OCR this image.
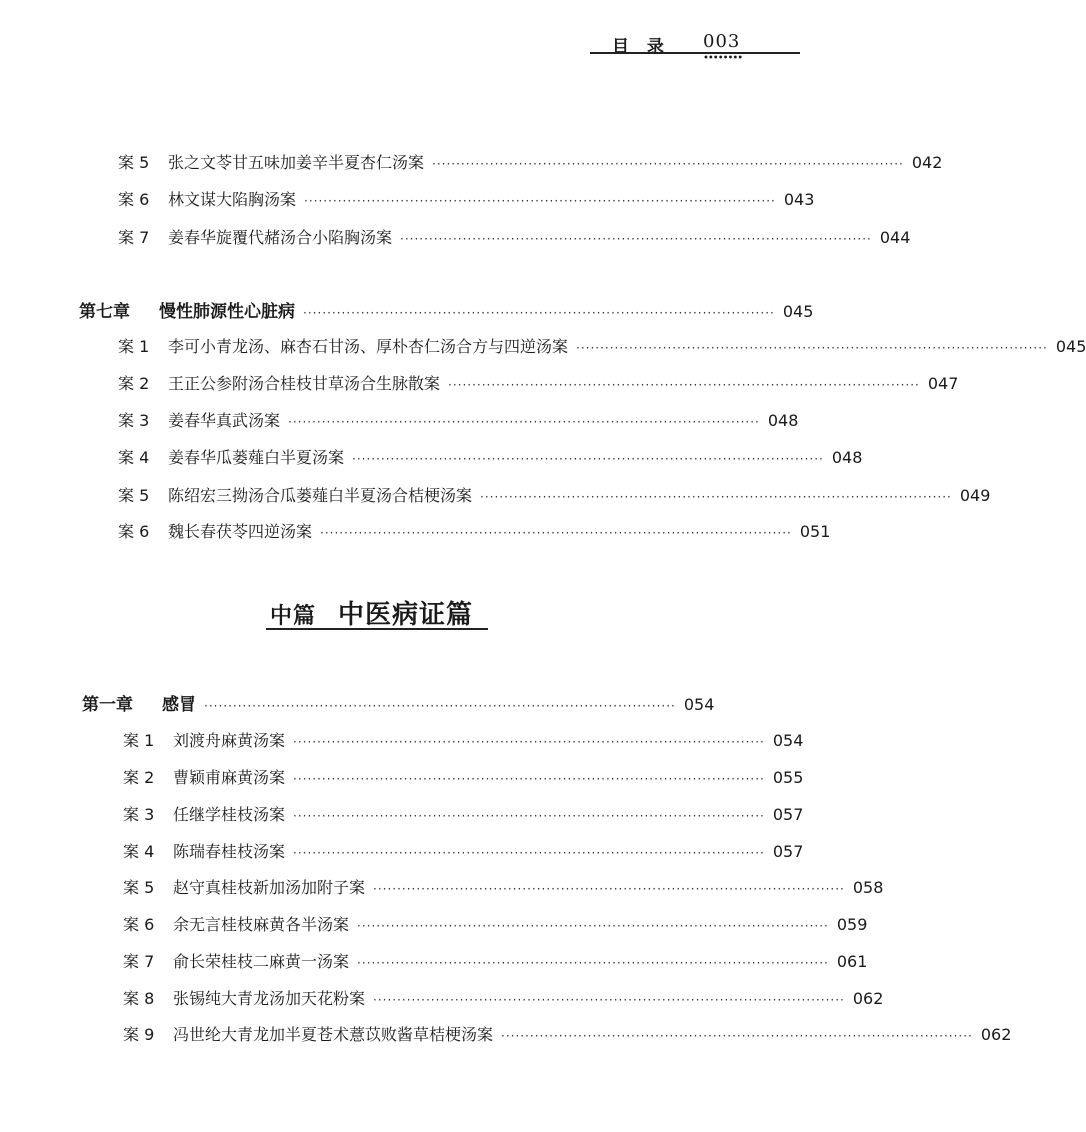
目 录 003
••••••••
案 5	张之文苓甘五味加姜辛半夏杏仁汤案 ·································································································· 042
案 6	林文谋大陷胸汤案 ·································································································· 043
案 7	姜春华旋覆代赭汤合小陷胸汤案 ·································································································· 044
第七章	慢性肺源性心脏病 ·································································································· 045
案 1	李可小青龙汤、麻杏石甘汤、厚朴杏仁汤合方与四逆汤案 ·································································································· 045
案 2	王正公参附汤合桂枝甘草汤合生脉散案 ·································································································· 047
案 3	姜春华真武汤案 ·································································································· 048
案 4	姜春华瓜蒌薤白半夏汤案 ·································································································· 048
案 5	陈绍宏三拗汤合瓜蒌薤白半夏汤合桔梗汤案 ·································································································· 049
案 6	魏长春茯苓四逆汤案 ·································································································· 051
中篇 中医病证篇
第一章	感冒 ·································································································· 054
案 1	刘渡舟麻黄汤案 ·································································································· 054
案 2	曹颖甫麻黄汤案 ·································································································· 055
案 3	任继学桂枝汤案 ·································································································· 057
案 4	陈瑞春桂枝汤案 ·································································································· 057
案 5	赵守真桂枝新加汤加附子案 ·································································································· 058
案 6	余无言桂枝麻黄各半汤案 ·································································································· 059
案 7	俞长荣桂枝二麻黄一汤案 ·································································································· 061
案 8	张锡纯大青龙汤加天花粉案 ·································································································· 062
案 9	冯世纶大青龙加半夏苍术薏苡败酱草桔梗汤案 ·································································································· 062
